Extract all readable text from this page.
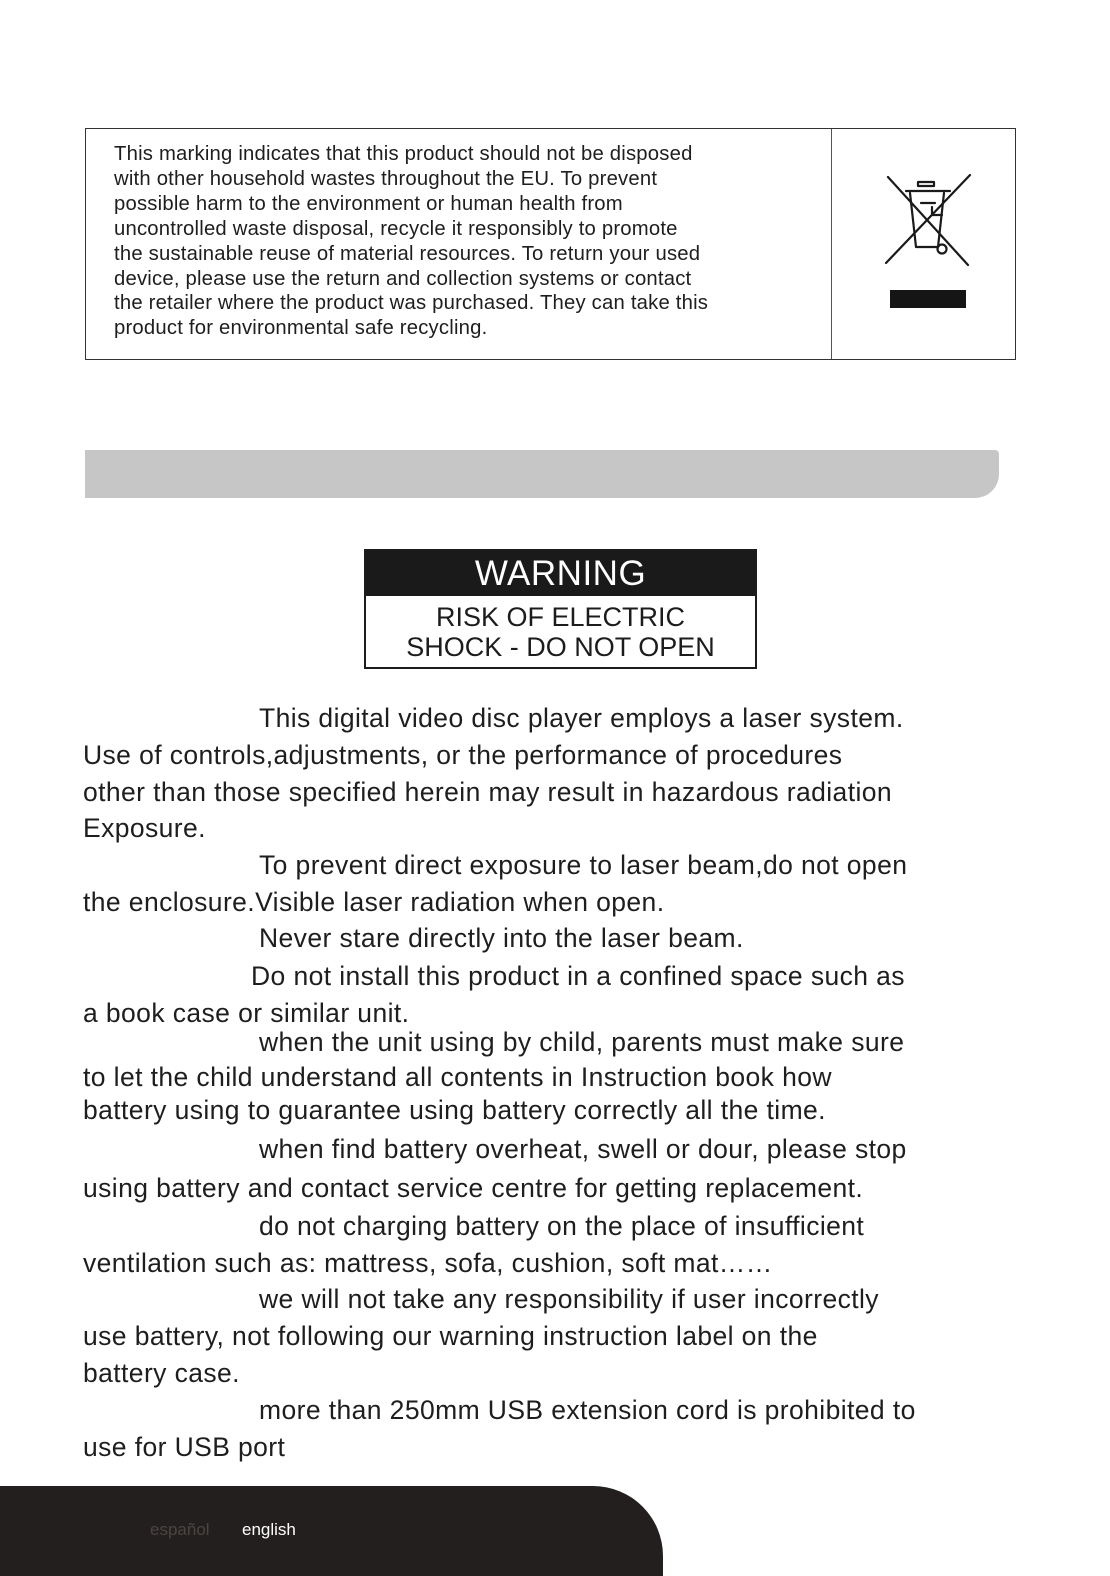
This marking indicates that this product should not be disposed
with other household wastes throughout the EU. To prevent
possible harm to the environment or human health from
uncontrolled waste disposal, recycle it responsibly to promote
the sustainable reuse of material resources. To return your used
device, please use the return and collection systems or contact
the retailer where the product was purchased. They can take this
product for environmental safe recycling.
WARNING
RISK OF ELECTRIC
SHOCK - DO NOT OPEN

This digital video disc player employs a laser system.
Use of controls,adjustments, or the performance of procedures
other than those specified herein may result in hazardous radiation
Exposure.

To prevent direct exposure to laser beam,do not open
the enclosure.Visible laser radiation when open.

Never stare directly into the laser beam.

Do not install this product in a confined space such as
a book case or similar unit.

when the unit using by child, parents must make sure
to let the child understand all contents in Instruction book how
battery using to guarantee using battery correctly all the time.

when find battery overheat, swell or dour, please stop
using battery and contact service centre for getting replacement.

do not charging battery on the place of insufficient
ventilation such as: mattress, sofa, cushion, soft mat……

we will not take any responsibility if user incorrectly
use battery, not following our warning instruction label on the
battery case.

more than 250mm USB extension cord is prohibited to
use for USB port

español english
